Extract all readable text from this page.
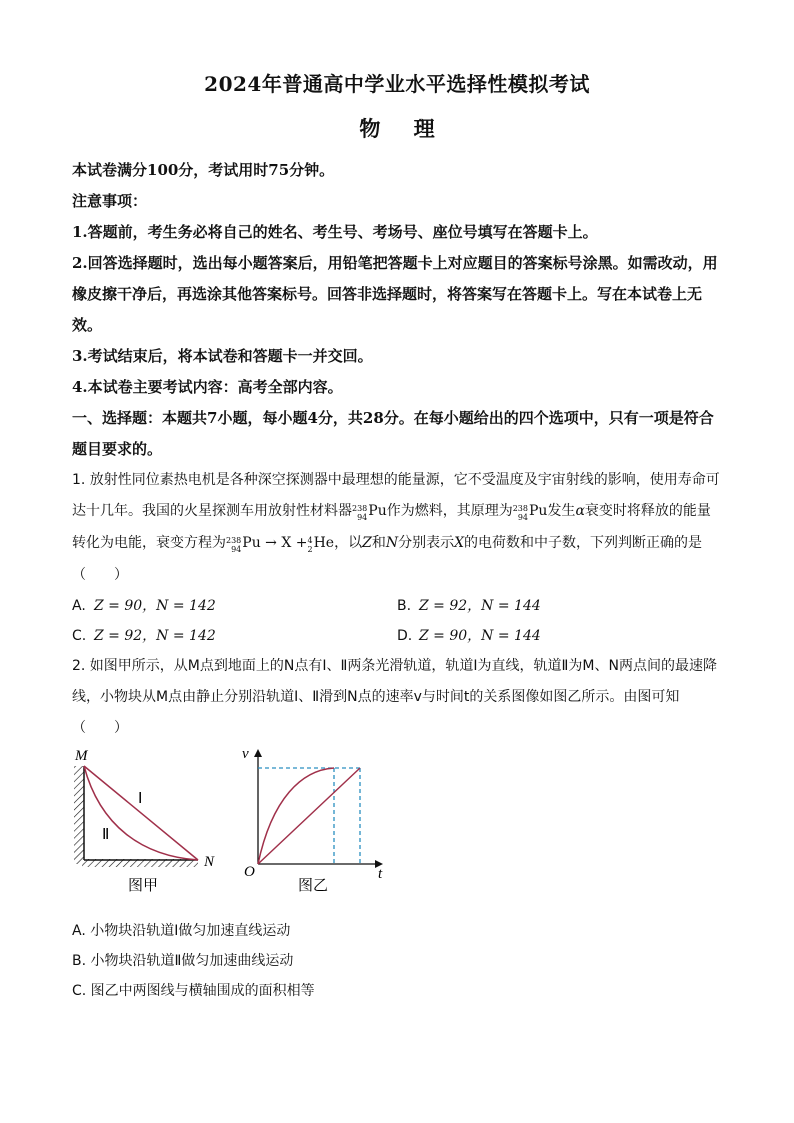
2024年普通高中学业水平选择性模拟考试
物 理
本试卷满分100分，考试用时75分钟。
注意事项：
1.答题前，考生务必将自己的姓名、考生号、考场号、座位号填写在答题卡上。
2.回答选择题时，选出每小题答案后，用铅笔把答题卡上对应题目的答案标号涂黑。如需改动，用橡皮擦干净后，再选涂其他答案标号。回答非选择题时，将答案写在答题卡上。写在本试卷上无效。
3.考试结束后，将本试卷和答题卡一并交回。
4.本试卷主要考试内容：高考全部内容。
一、选择题：本题共7小题，每小题4分，共28分。在每小题给出的四个选项中，只有一项是符合题目要求的。
1. 放射性同位素热电机是各种深空探测器中最理想的能量源，它不受温度及宇宙射线的影响，使用寿命可达十几年。我国的火星探测车用放射性材料器 238
94 Pu作为燃料，其原理为 238
94 Pu发生α衰变时将释放的能量转化为电能，衰变方程为 238
94 Pu → X + 4
2 He，以Z和N分别表示X的电荷数和中子数，下列判断正确的是（　　）
A. Z = 90，N = 142	B. Z = 92，N = 144
C. Z = 92，N = 142	D. Z = 90，N = 144
2. 如图甲所示，从M点到地面上的N点有Ⅰ、Ⅱ两条光滑轨道，轨道Ⅰ为直线，轨道Ⅱ为M、N两点间的最速降线，小物块从M点由静止分别沿轨道Ⅰ、Ⅱ滑到N点的速率v与时间t的关系图像如图乙所示。由图可知（　　）
M
N
Ⅰ
Ⅱ
图甲
v
t
O
图乙
A. 小物块沿轨道Ⅰ做匀加速直线运动
B. 小物块沿轨道Ⅱ做匀加速曲线运动
C. 图乙中两图线与横轴围成的面积相等
